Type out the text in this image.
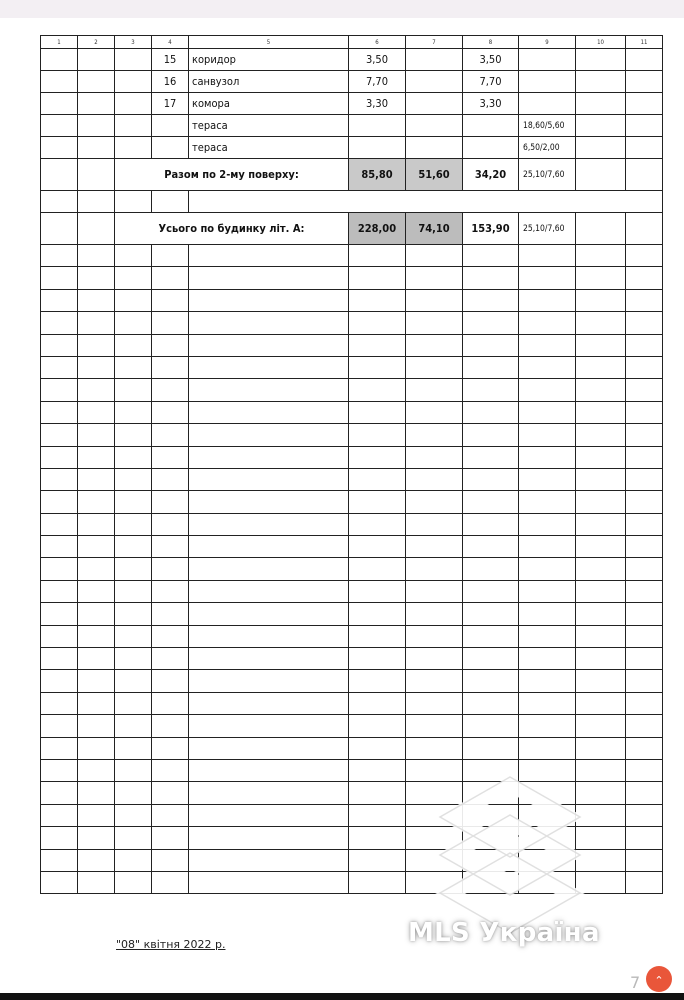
1	2	3	4	5	6	7	8	9	10	11
			15	коридор	3,50		3,50			
			16	санвузол	7,70		7,70			
			17	комора	3,30		3,30			
				тераса				18,60/5,60		
				тераса				6,50/2,00		
		Разом по 2-му поверху:			85,80	51,60	34,20	25,10/7,60		

		Усього по будинку літ. А:			228,00	74,10	153,90	25,10/7,60		

"08" квітня 2022 р.	MLS Україна
7	⌃
